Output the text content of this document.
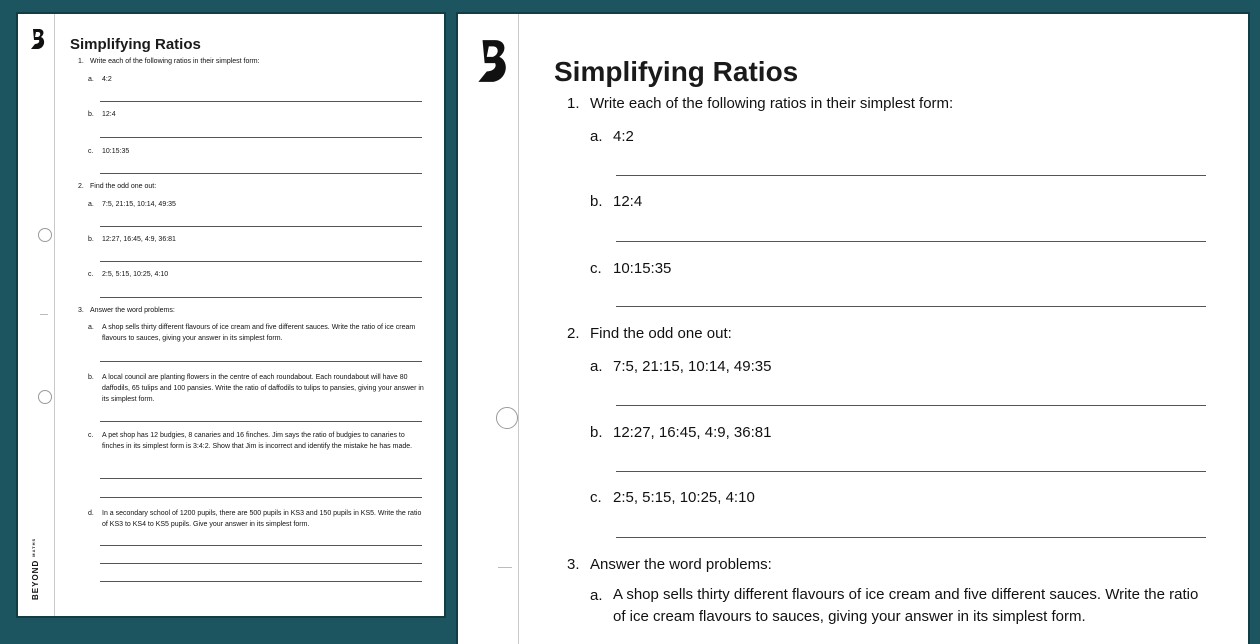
Simplifying Ratios
1. Write each of the following ratios in their simplest form:
a. 4:2
b. 12:4
c. 10:15:35
2. Find the odd one out:
a. 7:5, 21:15, 10:14, 49:35
b. 12:27, 16:45, 4:9, 36:81
c. 2:5, 5:15, 10:25, 4:10
3. Answer the word problems:
a. A shop sells thirty different flavours of ice cream and five different sauces. Write the ratio of ice cream flavours to sauces, giving your answer in its simplest form.
b. A local council are planting flowers in the centre of each roundabout. Each roundabout will have 80 daffodils, 65 tulips and 100 pansies. Write the ratio of daffodils to tulips to pansies, giving your answer in its simplest form.
c. A pet shop has 12 budgies, 8 canaries and 16 finches. Jim says the ratio of budgies to canaries to finches in its simplest form is 3:4:2. Show that Jim is incorrect and identify the mistake he has made.
d. In a secondary school of 1200 pupils, there are 500 pupils in KS3 and 150 pupils in KS5. Write the ratio of KS3 to KS4 to KS5 pupils. Give your answer in its simplest form.
$BEYOND^{MATHS}$
Simplifying Ratios
1. Write each of the following ratios in their simplest form:
a. 4:2
b. 12:4
c. 10:15:35
2. Find the odd one out:
a. 7:5, 21:15, 10:14, 49:35
b. 12:27, 16:45, 4:9, 36:81
c. 2:5, 5:15, 10:25, 4:10
3. Answer the word problems:
a. A shop sells thirty different flavours of ice cream and five different sauces. Write the ratio of ice cream flavours to sauces, giving your answer in its simplest form.
